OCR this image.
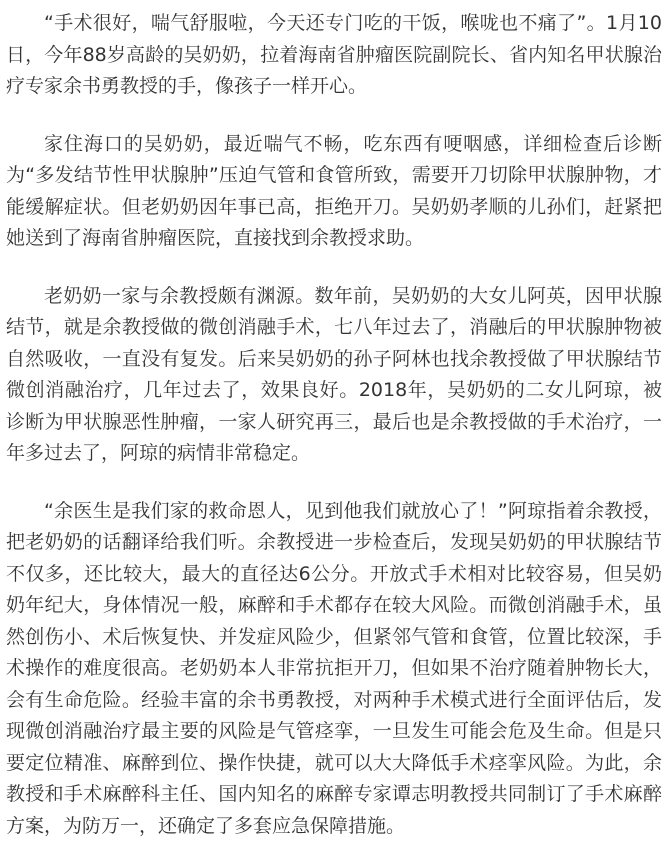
“手术很好，喘气舒服啦，今天还专门吃的干饭，喉咙也不痛了”。1月10日，今年88岁高龄的吴奶奶，拉着海南省肿瘤医院副院长、省内知名甲状腺治疗专家余书勇教授的手，像孩子一样开心。

家住海口的吴奶奶，最近喘气不畅，吃东西有哽咽感，详细检查后诊断为“多发结节性甲状腺肿”压迫气管和食管所致，需要开刀切除甲状腺肿物，才能缓解症状。但老奶奶因年事已高，拒绝开刀。吴奶奶孝顺的儿孙们，赶紧把她送到了海南省肿瘤医院，直接找到余教授求助。

老奶奶一家与余教授颇有渊源。数年前，吴奶奶的大女儿阿英，因甲状腺结节，就是余教授做的微创消融手术，七八年过去了，消融后的甲状腺肿物被自然吸收，一直没有复发。后来吴奶奶的孙子阿林也找余教授做了甲状腺结节微创消融治疗，几年过去了，效果良好。2018年，吴奶奶的二女儿阿琼，被诊断为甲状腺恶性肿瘤，一家人研究再三，最后也是余教授做的手术治疗，一年多过去了，阿琼的病情非常稳定。

“余医生是我们家的救命恩人，见到他我们就放心了！”阿琼指着余教授，把老奶奶的话翻译给我们听。余教授进一步检查后，发现吴奶奶的甲状腺结节不仅多，还比较大，最大的直径达6公分。开放式手术相对比较容易，但吴奶奶年纪大，身体情况一般，麻醉和手术都存在较大风险。而微创消融手术，虽然创伤小、术后恢复快、并发症风险少，但紧邻气管和食管，位置比较深，手术操作的难度很高。老奶奶本人非常抗拒开刀，但如果不治疗随着肿物长大，会有生命危险。经验丰富的余书勇教授，对两种手术模式进行全面评估后，发现微创消融治疗最主要的风险是气管痉挛，一旦发生可能会危及生命。但是只要定位精准、麻醉到位、操作快捷，就可以大大降低手术痉挛风险。为此，余教授和手术麻醉科主任、国内知名的麻醉专家谭志明教授共同制订了手术麻醉方案，为防万一，还确定了多套应急保障措施。
